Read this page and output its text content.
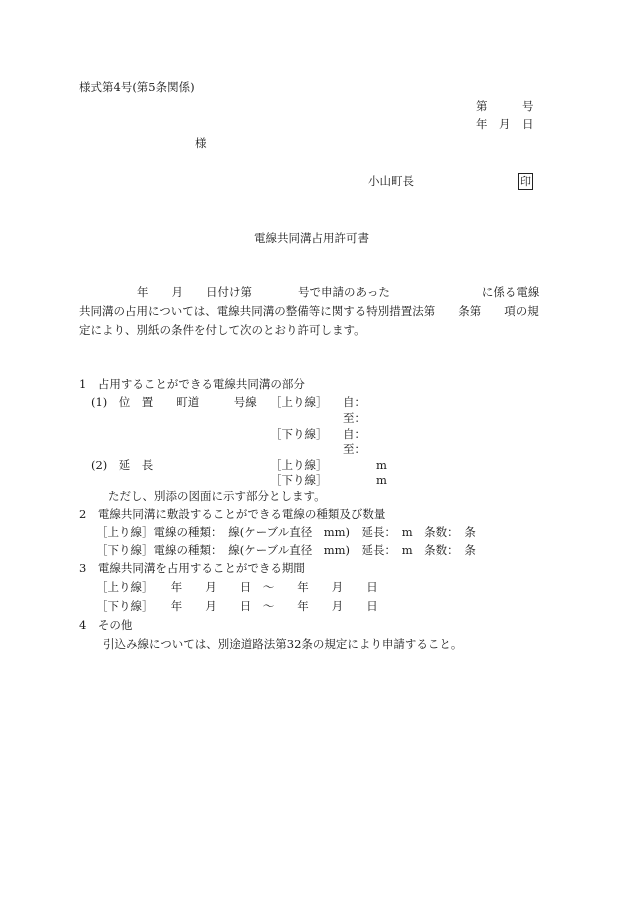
様式第4号(第5条関係)
第　　　号
年　月　日
様
小山町長	印
電線共同溝占用許可書
年　　月　　日付け第　　　　号で申請のあった　　　　　　　　に係る電線
共同溝の占用については、電線共同溝の整備等に関する特別措置法第　　条第　　項の規
定により、別紙の条件を付して次のとおり許可します。
1　占用することができる電線共同溝の部分
(1)　位　置　　町道　　　号線 ［上り線］ 自：
至：
［下り線］ 自：
至：
(2)　延　長	［上り線］	m
［下り線］	m
ただし、別添の図面に示す部分とします。
2　電線共同溝に敷設することができる電線の種類及び数量
［上り線］電線の種類：　線(ケーブル直径　mm)　延長：　m　条数：　条
［下り線］電線の種類：　線(ケーブル直径　mm)　延長：　m　条数：　条
3　電線共同溝を占用することができる期間
［上り線］　　年　　月　　日　～　　年　　月　　日
［下り線］　　年　　月　　日　～　　年　　月　　日
4　その他
引込み線については、別途道路法第32条の規定により申請すること。
